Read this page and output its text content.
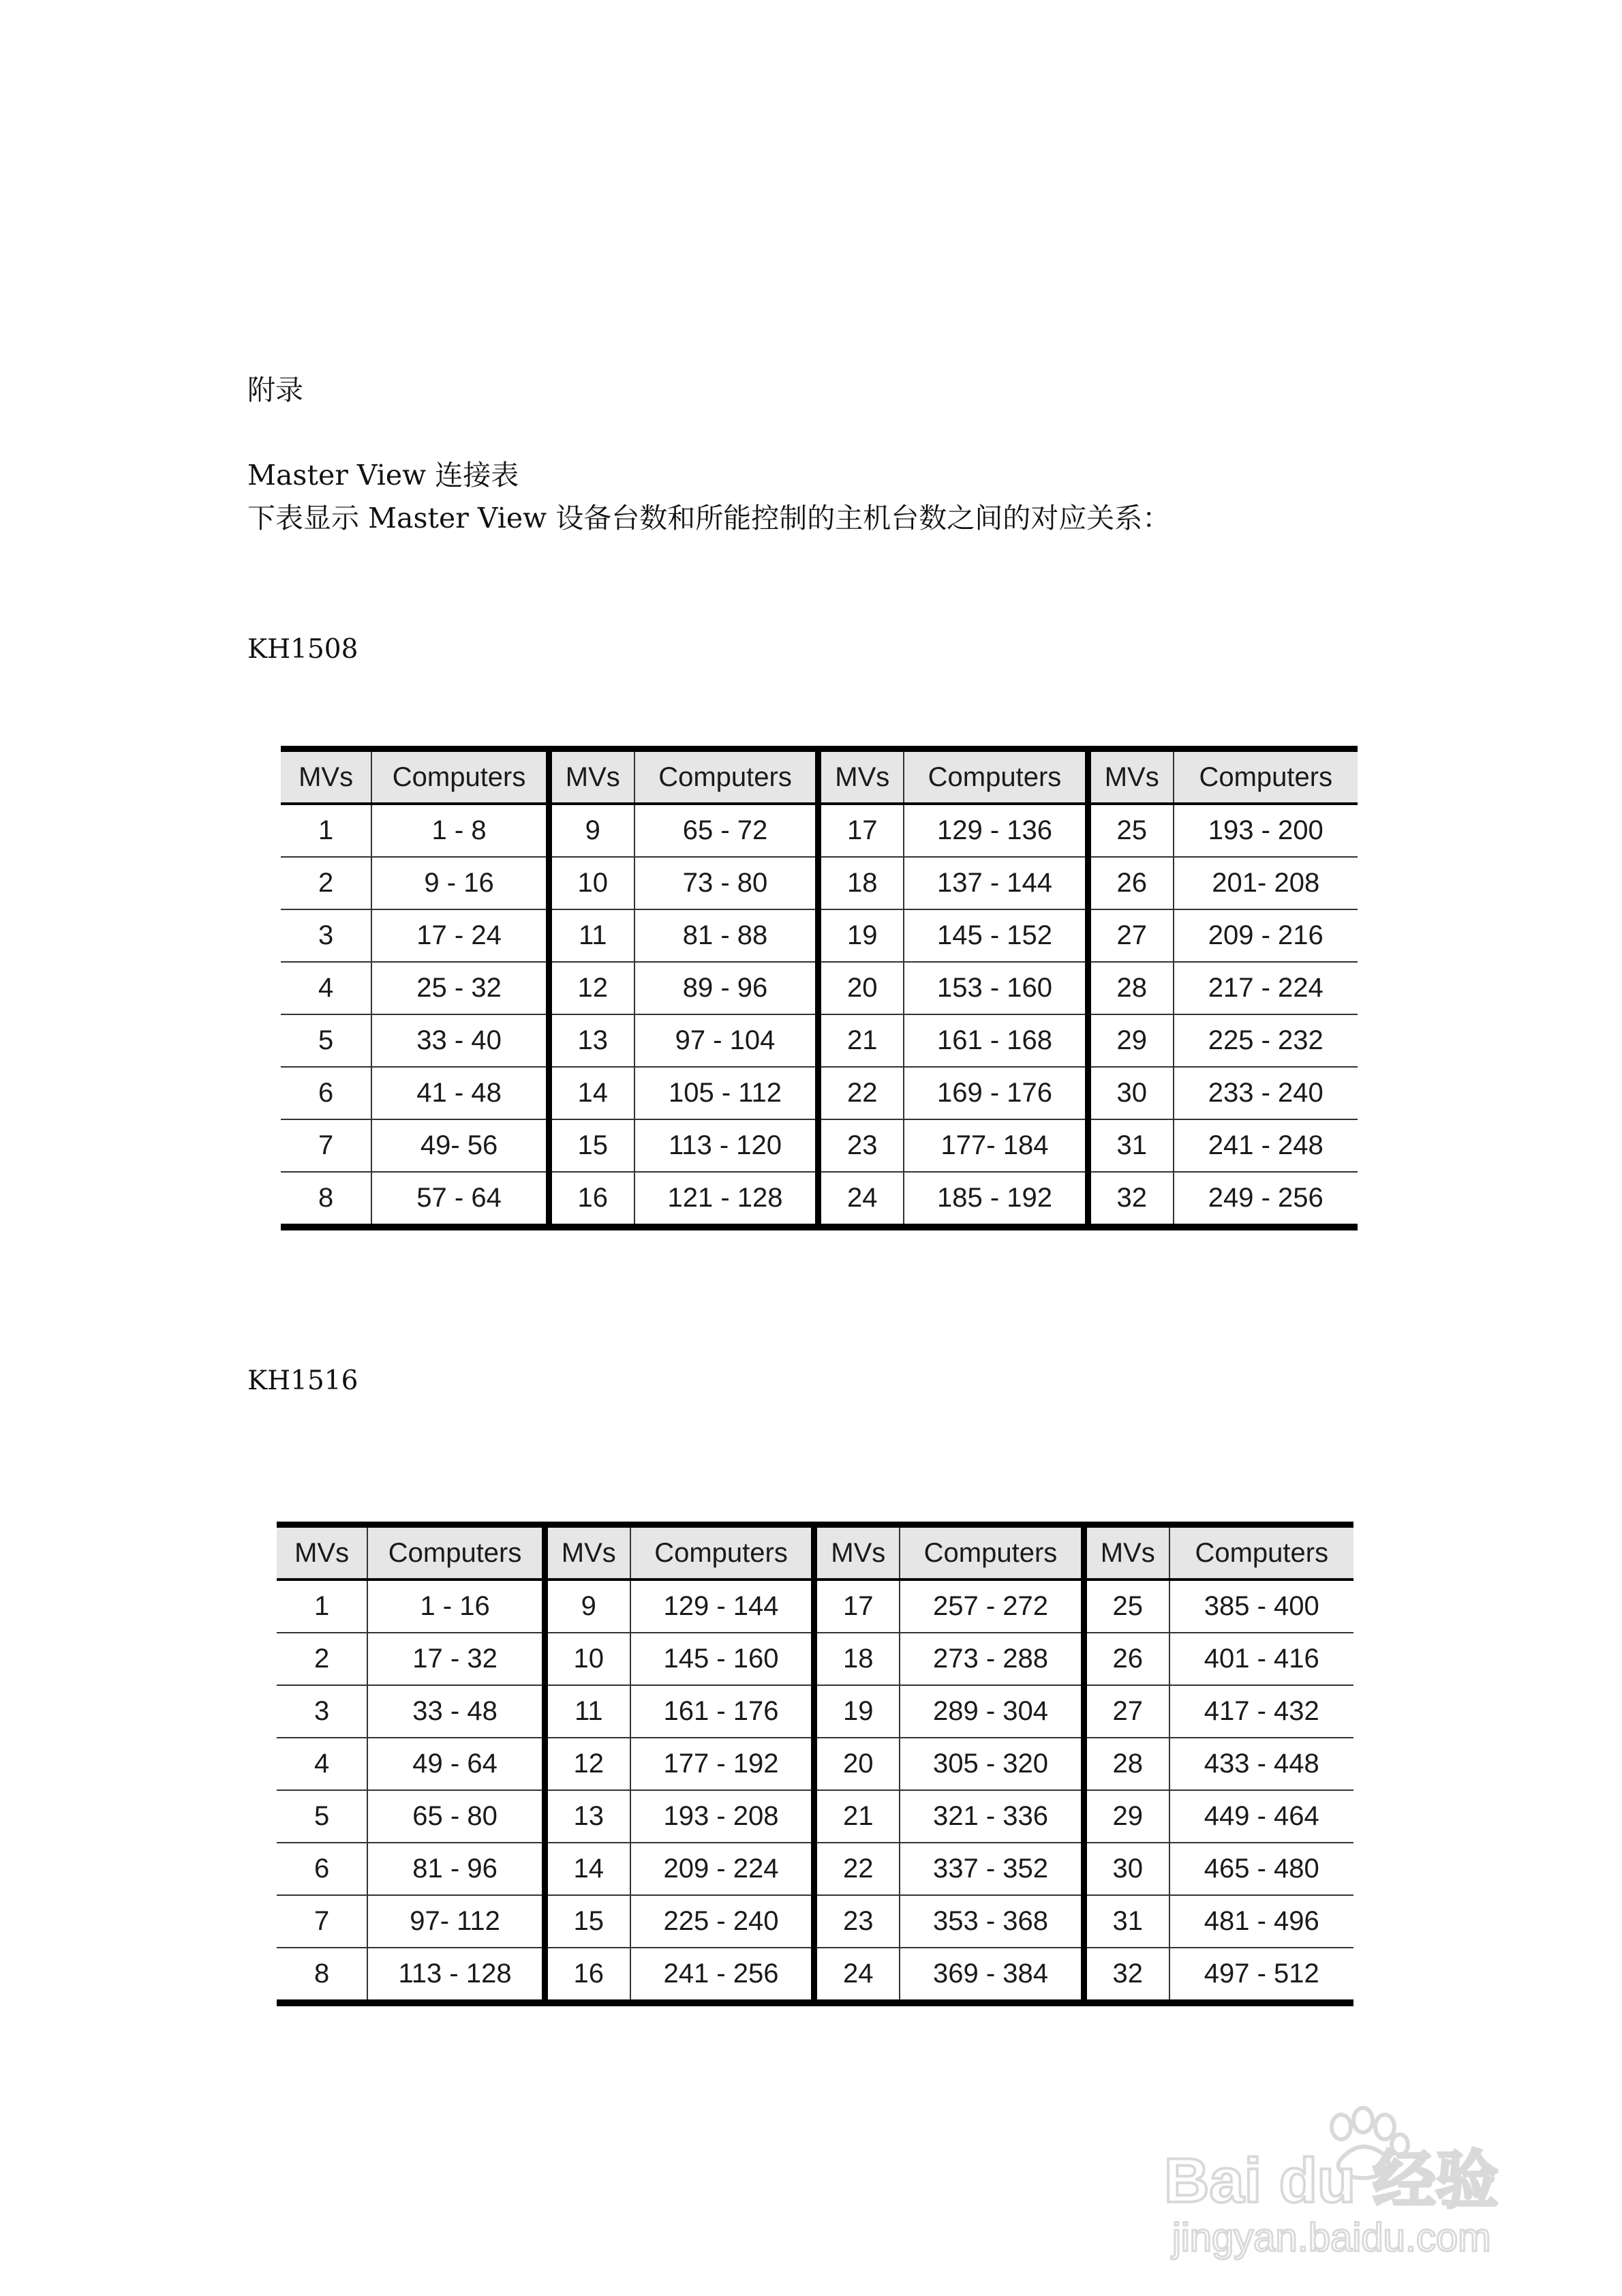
附录
Master View 连接表
下表显示 Master View 设备台数和所能控制的主机台数之间的对应关系：
KH1508
MVs	Computers	MVs	Computers	MVs	Computers	MVs	Computers
1	1 - 8	9	65 - 72	17	129 - 136	25	193 - 200
2	9 - 16	10	73 - 80	18	137 - 144	26	201- 208
3	17 - 24	11	81 - 88	19	145 - 152	27	209 - 216
4	25 - 32	12	89 - 96	20	153 - 160	28	217 - 224
5	33 - 40	13	97 - 104	21	161 - 168	29	225 - 232
6	41 - 48	14	105 - 112	22	169 - 176	30	233 - 240
7	49- 56	15	113 - 120	23	177- 184	31	241 - 248
8	57 - 64	16	121 - 128	24	185 - 192	32	249 - 256
KH1516
MVs	Computers	MVs	Computers	MVs	Computers	MVs	Computers
1	1 - 16	9	129 - 144	17	257 - 272	25	385 - 400
2	17 - 32	10	145 - 160	18	273 - 288	26	401 - 416
3	33 - 48	11	161 - 176	19	289 - 304	27	417 - 432
4	49 - 64	12	177 - 192	20	305 - 320	28	433 - 448
5	65 - 80	13	193 - 208	21	321 - 336	29	449 - 464
6	81 - 96	14	209 - 224	22	337 - 352	30	465 - 480
7	97- 112	15	225 - 240	23	353 - 368	31	481 - 496
8	113 - 128	16	241 - 256	24	369 - 384	32	497 - 512
Bai du 经验
jingyan.baidu.com
